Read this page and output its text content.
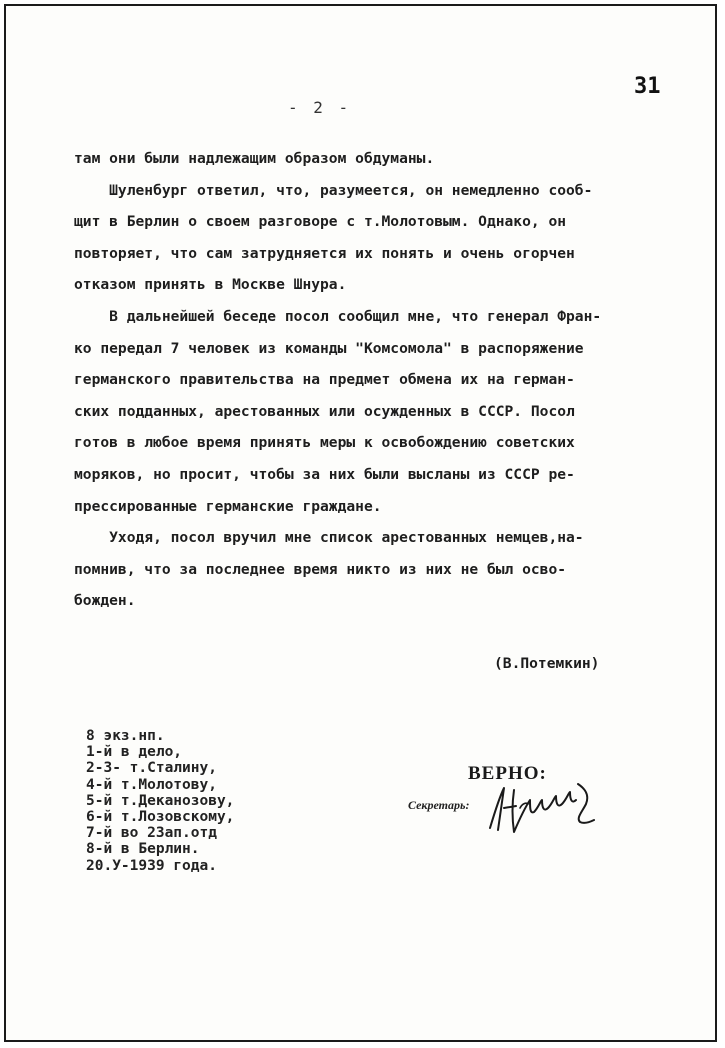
31
- 2 -
там они были надлежащим образом обдуманы.
Шуленбург ответил, что, разумеется, он немедленно сооб-
щит в Берлин о своем разговоре с т.Молотовым. Однако, он
повторяет, что сам затрудняется их понять и очень огорчен
отказом принять в Москве Шнура.
В дальнейшей беседе посол сообщил мне, что генерал Фран-
ко передал 7 человек из команды "Комсомола" в распоряжение
германского правительства на предмет обмена их на герман-
ских подданных, арестованных или осужденных в СССР. Посол
готов в любое время принять меры к освобождению советских
моряков, но просит, чтобы за них были высланы из СССР ре-
прессированные германские граждане.
Уходя, посол вручил мне список арестованных немцев,на-
помнив, что за последнее время никто из них не был осво-
божден.
(В.Потемкин)
8 экз.нп.
1-й в дело,
2-3- т.Сталину,
4-й т.Молотову,
5-й т.Деканозову,
6-й т.Лозовскому,
7-й во 2Зап.отд
8-й в Берлин.
20.У-1939 года.
ВЕРНО:
Секретарь:
